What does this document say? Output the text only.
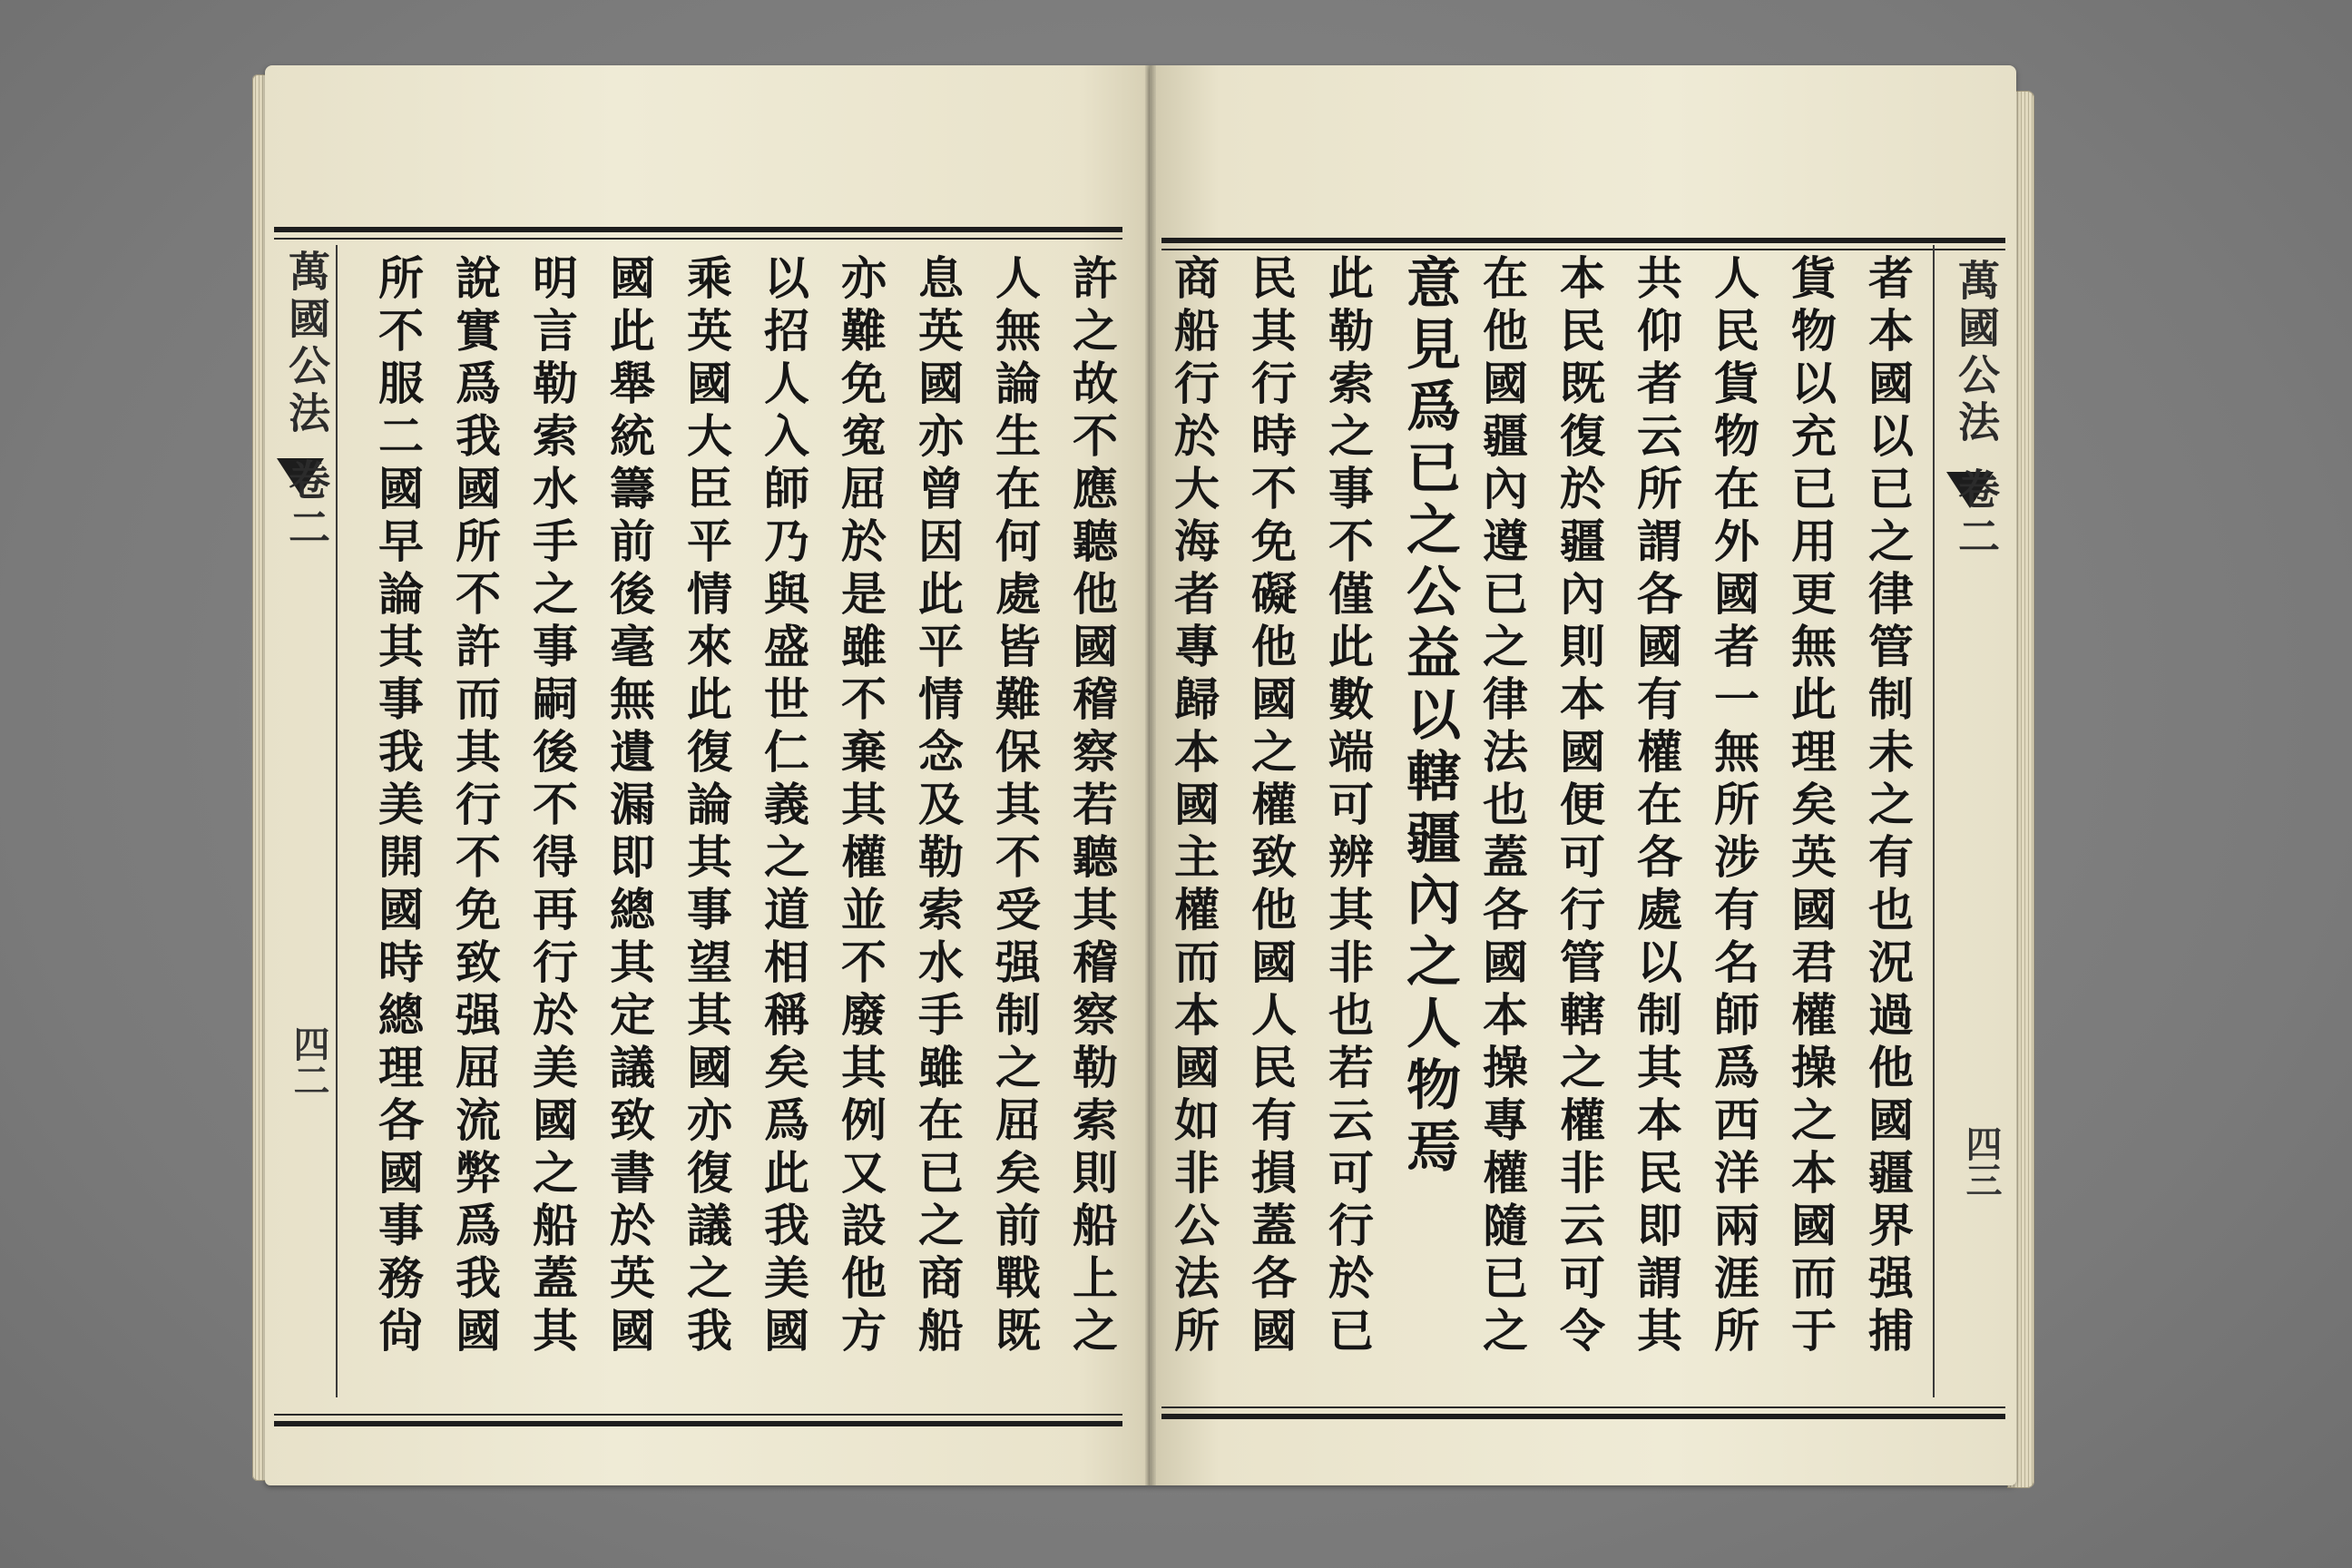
萬國公法 卷二
四二	許之故不應聽他國稽察若聽其稽察勒索則船上之
人無論生在何處皆難保其不受强制之屈矣前戰既
息英國亦曾因此平情念及勒索水手雖在已之商船
亦難免寃屈於是雖不棄其權並不廢其例又設他方
以招人入師乃與盛世仁義之道相稱矣爲此我美國
乘英國大臣平情來此復論其事望其國亦復議之我
國此舉統籌前後毫無遺漏即總其定議致書於英國
明言勒索水手之事嗣後不得再行於美國之船蓋其
說實爲我國所不許而其行不免致强屈流弊爲我國
所不服二國早論其事我美開國時總理各國事務尙	萬國公法 卷二
四三
者本國以已之律管制未之有也況過他國疆界强捕
貨物以充已用更無此理矣英國君權操之本國而于
人民貨物在外國者一無所涉有名師爲西洋兩涯所
共仰者云所謂各國有權在各處以制其本民即謂其
本民既復於疆內則本國便可行管轄之權非云可令
在他國疆內遵已之律法也蓋各國本操專權隨已之
意見爲已之公益以轄疆內之人物焉
此勒索之事不僅此數端可辨其非也若云可行於已
民其行時不免礙他國之權致他國人民有損蓋各國
商船行於大海者專歸本國主權而本國如非公法所
